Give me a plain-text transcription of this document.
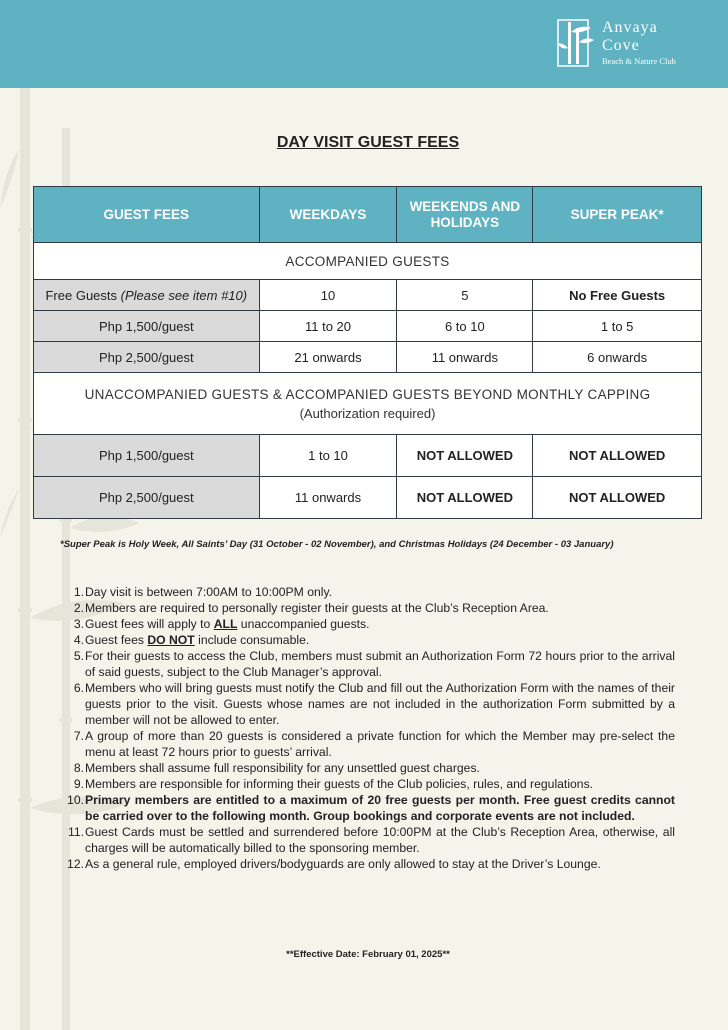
Anvaya
Cove
Beach & Nature Club
DAY VISIT GUEST FEES
GUEST FEES	WEEKDAYS	WEEKENDS AND HOLIDAYS	SUPER PEAK*
ACCOMPANIED GUESTS			
Free Guests (Please see item #10)	10	5	No Free Guests
Php 1,500/guest	11 to 20	6 to 10	1 to 5
Php 2,500/guest	21 onwards	11 onwards	6 onwards

UNACCOMPANIED GUESTS & ACCOMPANIED GUESTS BEYOND MONTHLY CAPPING
(Authorization required)			

Php 1,500/guest	1 to 10	NOT ALLOWED	NOT ALLOWED
Php 2,500/guest	11 onwards	NOT ALLOWED	NOT ALLOWED
*Super Peak is Holy Week, All Saints’ Day (31 October - 02 November), and Christmas Holidays (24 December - 03 January)
1. Day visit is between 7:00AM to 10:00PM only.
2. Members are required to personally register their guests at the Club’s Reception Area.
3. Guest fees will apply to ALL unaccompanied guests.
4. Guest fees DO NOT include consumable.
5. For their guests to access the Club, members must submit an Authorization Form 72 hours prior to the arrival of said guests, subject to the Club Manager’s approval.
6. Members who will bring guests must notify the Club and fill out the Authorization Form with the names of their guests prior to the visit. Guests whose names are not included in the authorization Form submitted by a member will not be allowed to enter.
7. A group of more than 20 guests is considered a private function for which the Member may pre-select the menu at least 72 hours prior to guests’ arrival.
8. Members shall assume full responsibility for any unsettled guest charges.
9. Members are responsible for informing their guests of the Club policies, rules, and regulations.
10. Primary members are entitled to a maximum of 20 free guests per month. Free guest credits cannot be carried over to the following month. Group bookings and corporate events are not included.
11. Guest Cards must be settled and surrendered before 10:00PM at the Club’s Reception Area, otherwise, all charges will be automatically billed to the sponsoring member.
12. As a general rule, employed drivers/bodyguards are only allowed to stay at the Driver’s Lounge.
**Effective Date: February 01, 2025**
